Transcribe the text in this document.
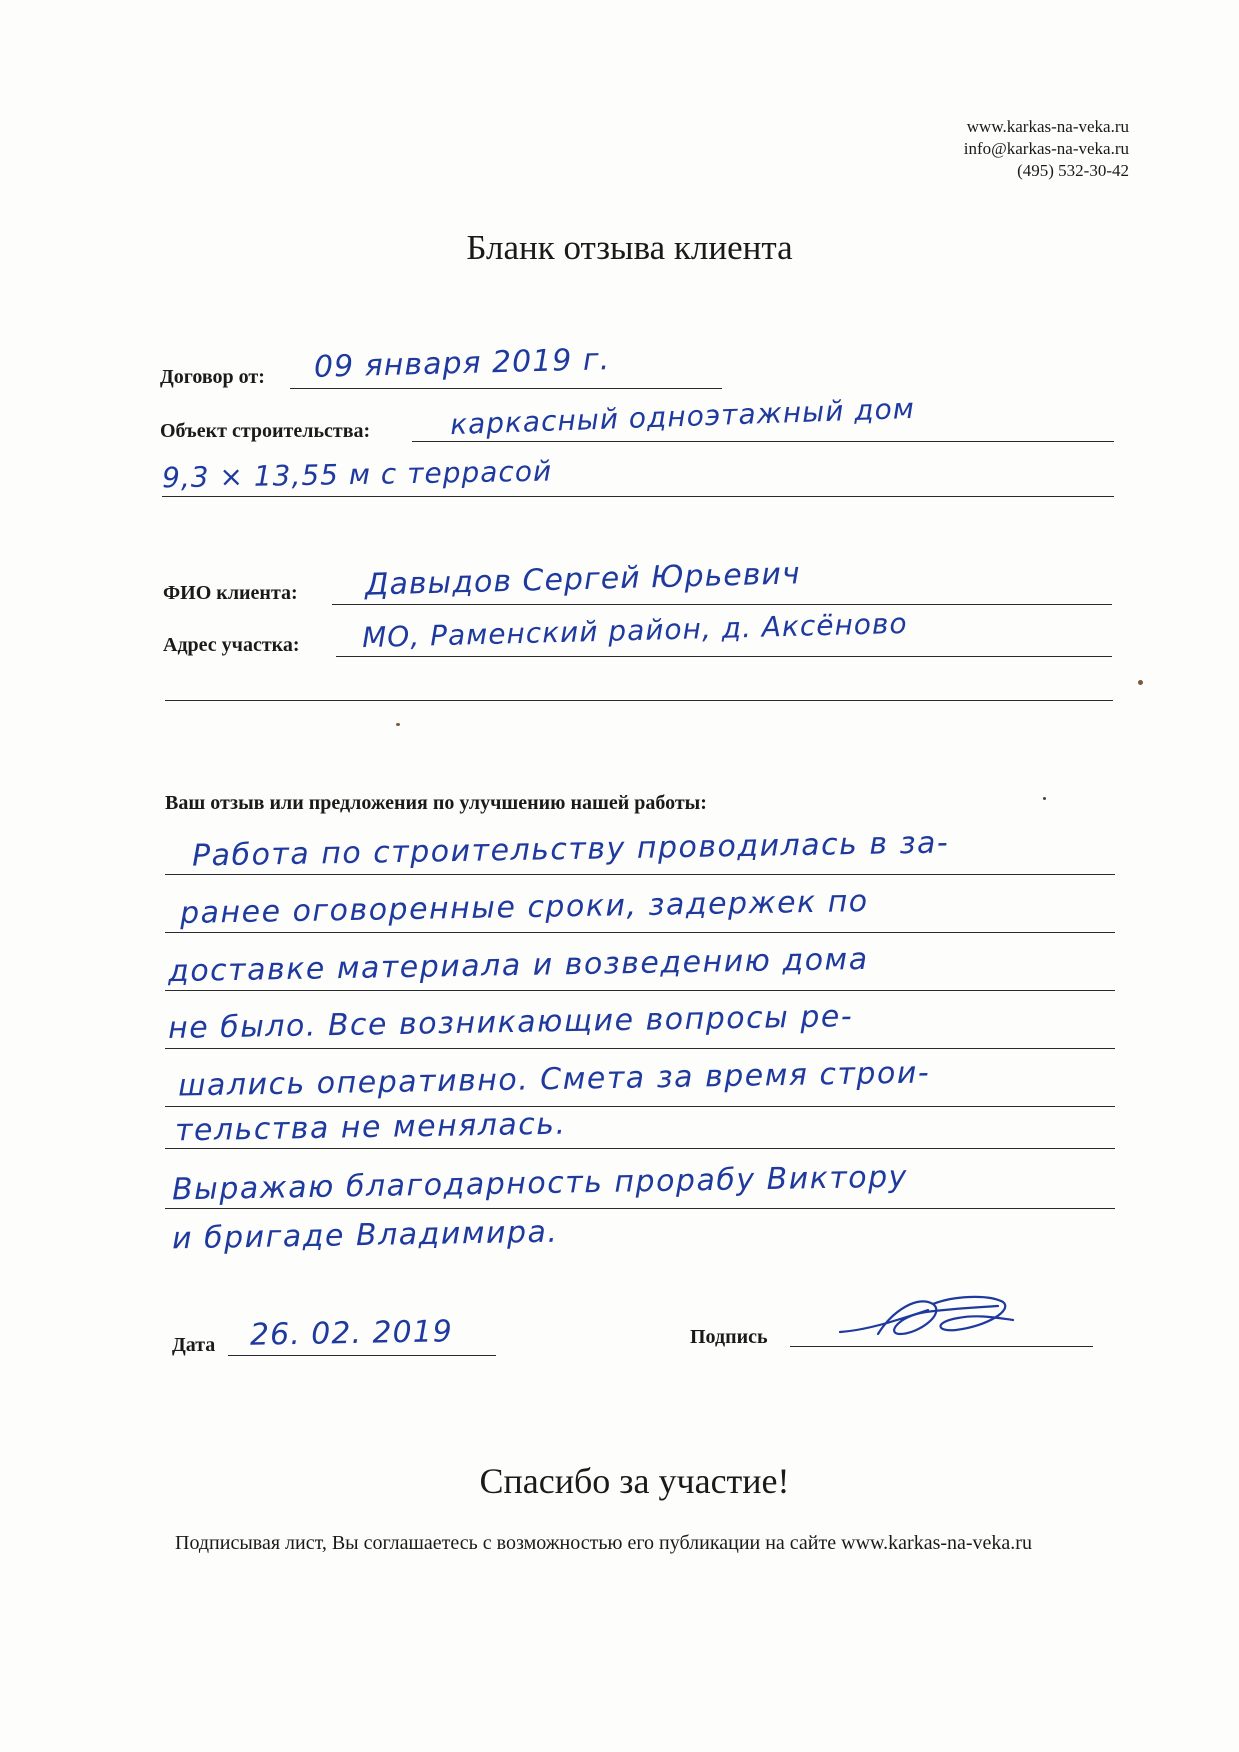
www.karkas-na-veka.ru
info@karkas-na-veka.ru
(495) 532-30-42
Бланк отзыва клиента
Договор от: 09 января 2019 г.
Объект строительства:	каркасный одноэтажный дом
9,3 × 13,55 м с террасой
ФИО клиента: Давыдов Сергей Юрьевич
Адрес участка: МО, Раменский район, д. Аксёново
Ваш отзыв или предложения по улучшению нашей работы:
Работа по строительству проводилась в за-
ранее оговоренные сроки, задержек по
доставке материала и возведению дома
не было. Все возникающие вопросы ре-
шались оперативно. Смета за время строи-
тельства не менялась.
Выражаю благодарность прорабу Виктору
и бригаде Владимира.
Дата 26. 02. 2019	Подпись
Спасибо за участие!
Подписывая лист, Вы соглашаетесь с возможностью его публикации на сайте www.karkas-na-veka.ru
